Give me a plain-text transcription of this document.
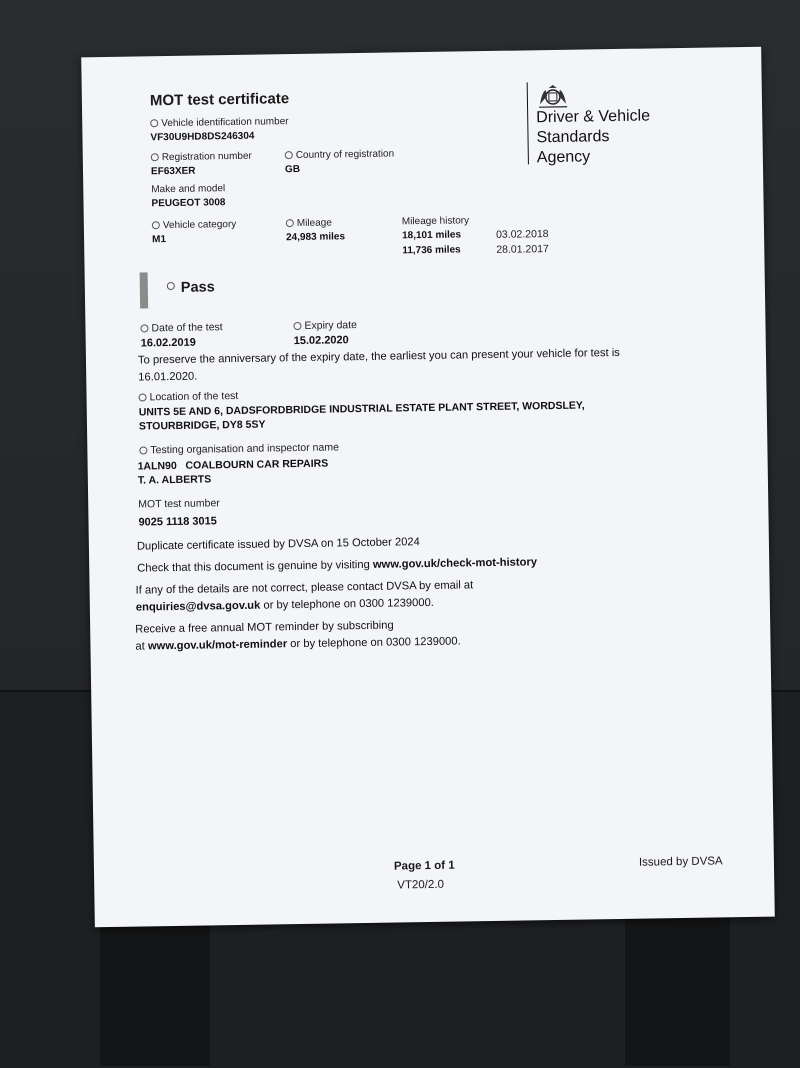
MOT test certificate
Driver & Vehicle
Standards
Agency
Vehicle identification number
VF30U9HD8DS246304
Registration number
EF63XER
Country of registration
GB
Make and model
PEUGEOT 3008
Vehicle category
M1
Mileage
24,983 miles
Mileage history
18,101 miles	03.02.2018
11,736 miles	28.01.2017
Pass
Date of the test
16.02.2019
Expiry date
15.02.2020
To preserve the anniversary of the expiry date, the earliest you can present your vehicle for test is
16.01.2020.
Location of the test
UNITS 5E AND 6, DADSFORDBRIDGE INDUSTRIAL ESTATE PLANT STREET, WORDSLEY,
STOURBRIDGE, DY8 5SY
Testing organisation and inspector name
1ALN90   COALBOURN CAR REPAIRS
T. A. ALBERTS
MOT test number
9025 1118 3015
Duplicate certificate issued by DVSA on 15 October 2024
Check that this document is genuine by visiting www.gov.uk/check-mot-history
If any of the details are not correct, please contact DVSA by email at
enquiries@dvsa.gov.uk or by telephone on 0300 1239000.
Receive a free annual MOT reminder by subscribing
at www.gov.uk/mot-reminder or by telephone on 0300 1239000.
Page 1 of 1
VT20/2.0
Issued by DVSA
